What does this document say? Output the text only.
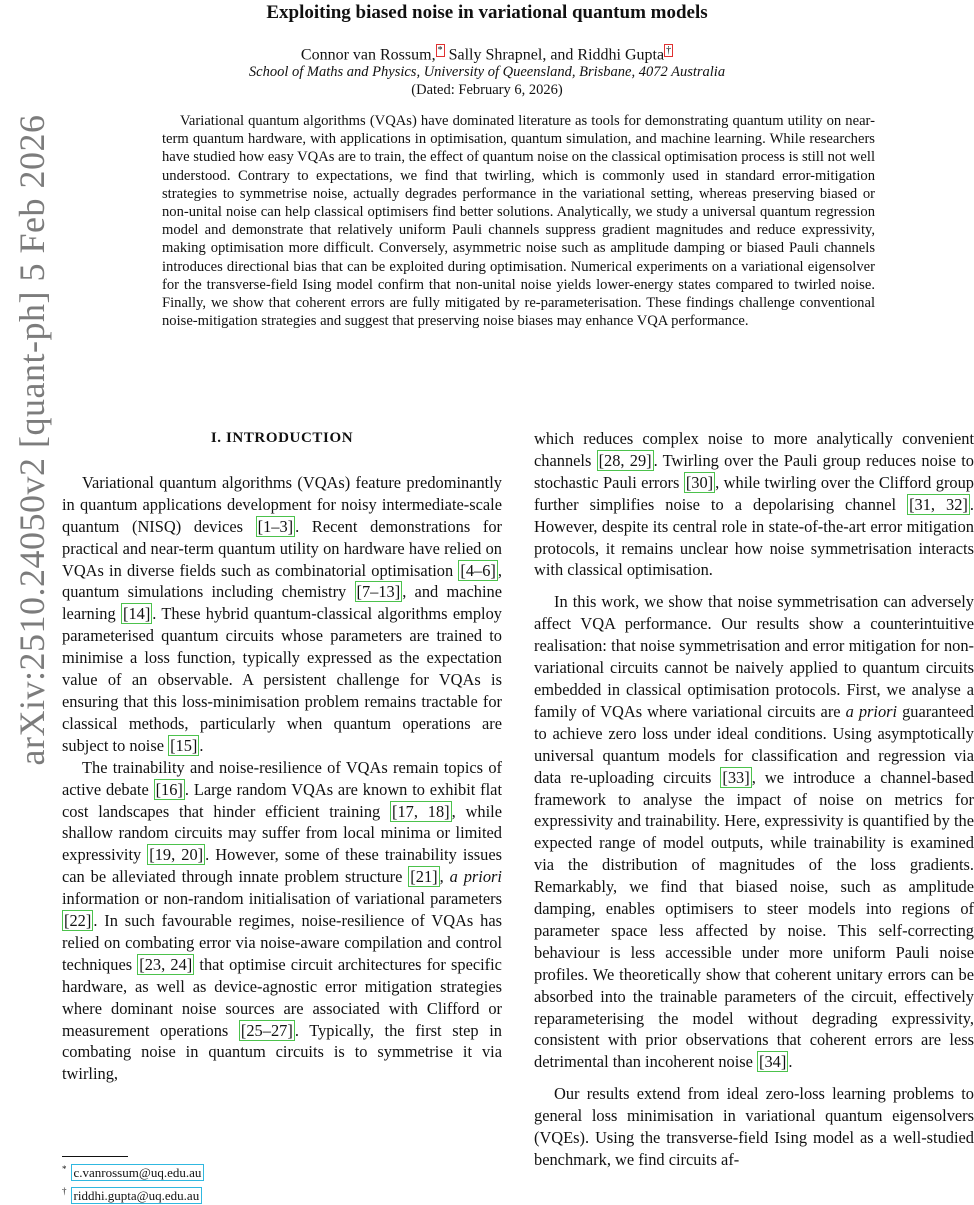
arXiv:2510.24050v2 [quant-ph] 5 Feb 2026
Exploiting biased noise in variational quantum models
Connor van Rossum, * Sally Shrapnel, and Riddhi Gupta †
School of Maths and Physics, University of Queensland, Brisbane, 4072 Australia
(Dated: February 6, 2026)
Variational quantum algorithms (VQAs) have dominated literature as tools for demonstrating quantum utility on near-term quantum hardware, with applications in optimisation, quantum simulation, and machine learning. While researchers have studied how easy VQAs are to train, the effect of quantum noise on the classical optimisation process is still not well understood. Contrary to expectations, we find that twirling, which is commonly used in standard error-mitigation strategies to symmetrise noise, actually degrades performance in the variational setting, whereas preserving biased or non-unital noise can help classical optimisers find better solutions. Analytically, we study a universal quantum regression model and demonstrate that relatively uniform Pauli channels suppress gradient magnitudes and reduce expressivity, making optimisation more difficult. Conversely, asymmetric noise such as amplitude damping or biased Pauli channels introduces directional bias that can be exploited during optimisation. Numerical experiments on a variational eigensolver for the transverse-field Ising model confirm that non-unital noise yields lower-energy states compared to twirled noise. Finally, we show that coherent errors are fully mitigated by re-parameterisation. These findings challenge conventional noise-mitigation strategies and suggest that preserving noise biases may enhance VQA performance.
I. INTRODUCTION

Variational quantum algorithms (VQAs) feature predominantly in quantum applications development for noisy intermediate-scale quantum (NISQ) devices [1–3] . Recent demonstrations for practical and near-term quantum utility on hardware have relied on VQAs in diverse fields such as combinatorial optimisation [4–6] , quantum simulations including chemistry [7–13] , and machine learning [14] . These hybrid quantum-classical algorithms employ parameterised quantum circuits whose parameters are trained to minimise a loss function, typically expressed as the expectation value of an observable. A persistent challenge for VQAs is ensuring that this loss-minimisation problem remains tractable for classical methods, particularly when quantum operations are subject to noise [15] .

The trainability and noise-resilience of VQAs remain topics of active debate [16] . Large random VQAs are known to exhibit flat cost landscapes that hinder efficient training [17, 18] , while shallow random circuits may suffer from local minima or limited expressivity [19, 20] . However, some of these trainability issues can be alleviated through innate problem structure [21] , a priori information or non-random initialisation of variational parameters [22] . In such favourable regimes, noise-resilience of VQAs has relied on combating error via noise-aware compilation and control techniques [23, 24] that optimise circuit architectures for specific hardware, as well as device-agnostic error mitigation strategies where dominant noise sources are associated with Clifford or measurement operations [25–27] . Typically, the first step in combating noise in quantum circuits is to symmetrise it via twirling,

which reduces complex noise to more analytically convenient channels [28, 29] . Twirling over the Pauli group reduces noise to stochastic Pauli errors [30] , while twirling over the Clifford group further simplifies noise to a depolarising channel [31, 32] . However, despite its central role in state-of-the-art error mitigation protocols, it remains unclear how noise symmetrisation interacts with classical optimisation.

In this work, we show that noise symmetrisation can adversely affect VQA performance. Our results show a counterintuitive realisation: that noise symmetrisation and error mitigation for non-variational circuits cannot be naively applied to quantum circuits embedded in classical optimisation protocols. First, we analyse a family of VQAs where variational circuits are a priori guaranteed to achieve zero loss under ideal conditions. Using asymptotically universal quantum models for classification and regression via data re-uploading circuits [33] , we introduce a channel-based framework to analyse the impact of noise on metrics for expressivity and trainability. Here, expressivity is quantified by the expected range of model outputs, while trainability is examined via the distribution of magnitudes of the loss gradients. Remarkably, we find that biased noise, such as amplitude damping, enables optimisers to steer models into regions of parameter space less affected by noise. This self-correcting behaviour is less accessible under more uniform Pauli noise profiles. We theoretically show that coherent unitary errors can be absorbed into the trainable parameters of the circuit, effectively reparameterising the model without degrading expressivity, consistent with prior observations that coherent errors are less detrimental than incoherent noise [34] .

Our results extend from ideal zero-loss learning problems to general loss minimisation in variational quantum eigensolvers (VQEs). Using the transverse-field Ising model as a well-studied benchmark, we find circuits af-

* c.vanrossum@uq.edu.au
† riddhi.gupta@uq.edu.au
